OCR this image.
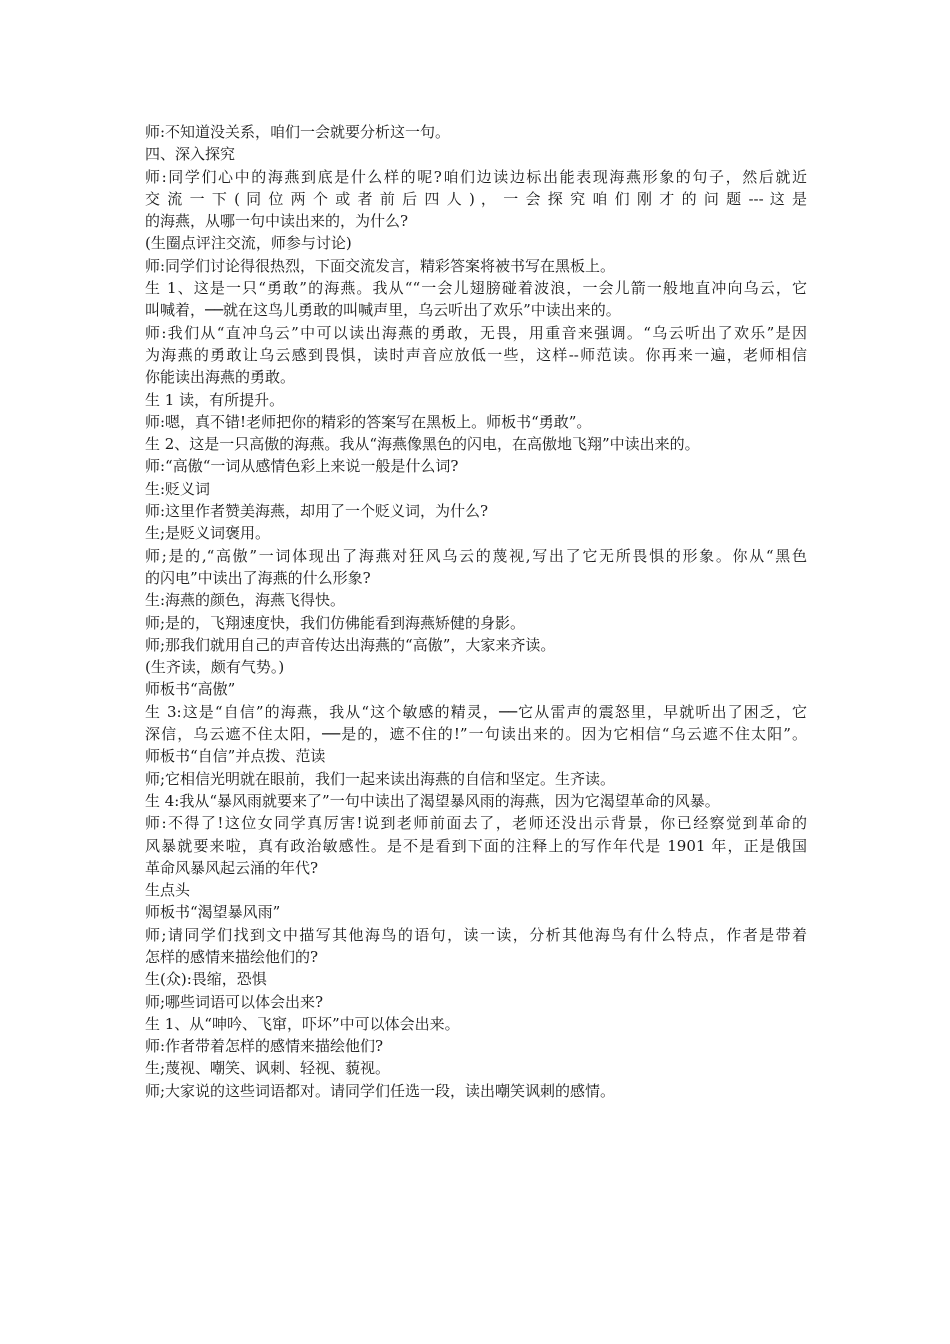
师:不知道没关系，咱们一会就要分析这一句。

四、深入探究

师:同学们心中的海燕到底是什么样的呢?咱们边读边标出能表现海燕形象的句子，然后就近

交 流 一 下 ( 同 位 两 个 或 者 前 后 四 人 ) ， 一 会 探 究 咱 们 刚 才 的 问 题 --- 这 是

的海燕，从哪一句中读出来的，为什么?

(生圈点评注交流，师参与讨论)

师:同学们讨论得很热烈，下面交流发言，精彩答案将被书写在黑板上。

生 1、这是一只“勇敢”的海燕。我从““一会儿翅膀碰着波浪，一会儿箭一般地直冲向乌云，它

叫喊着，──就在这鸟儿勇敢的叫喊声里，乌云听出了欢乐”中读出来的。

师:我们从“直冲乌云”中可以读出海燕的勇敢，无畏，用重音来强调。“乌云听出了欢乐”是因

为海燕的勇敢让乌云感到畏惧，读时声音应放低一些，这样--师范读。你再来一遍，老师相信

你能读出海燕的勇敢。

生 1 读，有所提升。

师:嗯，真不错!老师把你的精彩的答案写在黑板上。师板书“勇敢”。

生 2、这是一只高傲的海燕。我从“海燕像黑色的闪电，在高傲地飞翔”中读出来的。

师:“高傲“一词从感情色彩上来说一般是什么词?

生:贬义词

师:这里作者赞美海燕，却用了一个贬义词，为什么?

生;是贬义词褒用。

师;是的,“高傲”一词体现出了海燕对狂风乌云的蔑视,写出了它无所畏惧的形象。你从“黑色

的闪电”中读出了海燕的什么形象?

生:海燕的颜色，海燕飞得快。

师;是的，飞翔速度快，我们仿佛能看到海燕矫健的身影。

师;那我们就用自己的声音传达出海燕的“高傲”，大家来齐读。

(生齐读，颇有气势。)

师板书“高傲”

生 3:这是“自信”的海燕，我从“这个敏感的精灵，──它从雷声的震怒里，早就听出了困乏，它

深信，乌云遮不住太阳，──是的，遮不住的!”一句读出来的。因为它相信“乌云遮不住太阳”。

师板书“自信”并点拨、范读

师;它相信光明就在眼前，我们一起来读出海燕的自信和坚定。生齐读。

生 4:我从“暴风雨就要来了”一句中读出了渴望暴风雨的海燕，因为它渴望革命的风暴。

师:不得了!这位女同学真厉害!说到老师前面去了，老师还没出示背景，你已经察觉到革命的

风暴就要来啦，真有政治敏感性。是不是看到下面的注释上的写作年代是 1901 年，正是俄国

革命风暴风起云涌的年代?

生点头

师板书“渴望暴风雨”

师;请同学们找到文中描写其他海鸟的语句，读一读，分析其他海鸟有什么特点，作者是带着

怎样的感情来描绘他们的?

生(众):畏缩，恐惧

师;哪些词语可以体会出来?

生 1、从“呻吟、飞窜，吓坏”中可以体会出来。

师:作者带着怎样的感情来描绘他们?

生;蔑视、嘲笑、讽刺、轻视、藐视。

师;大家说的这些词语都对。请同学们任选一段，读出嘲笑讽刺的感情。
